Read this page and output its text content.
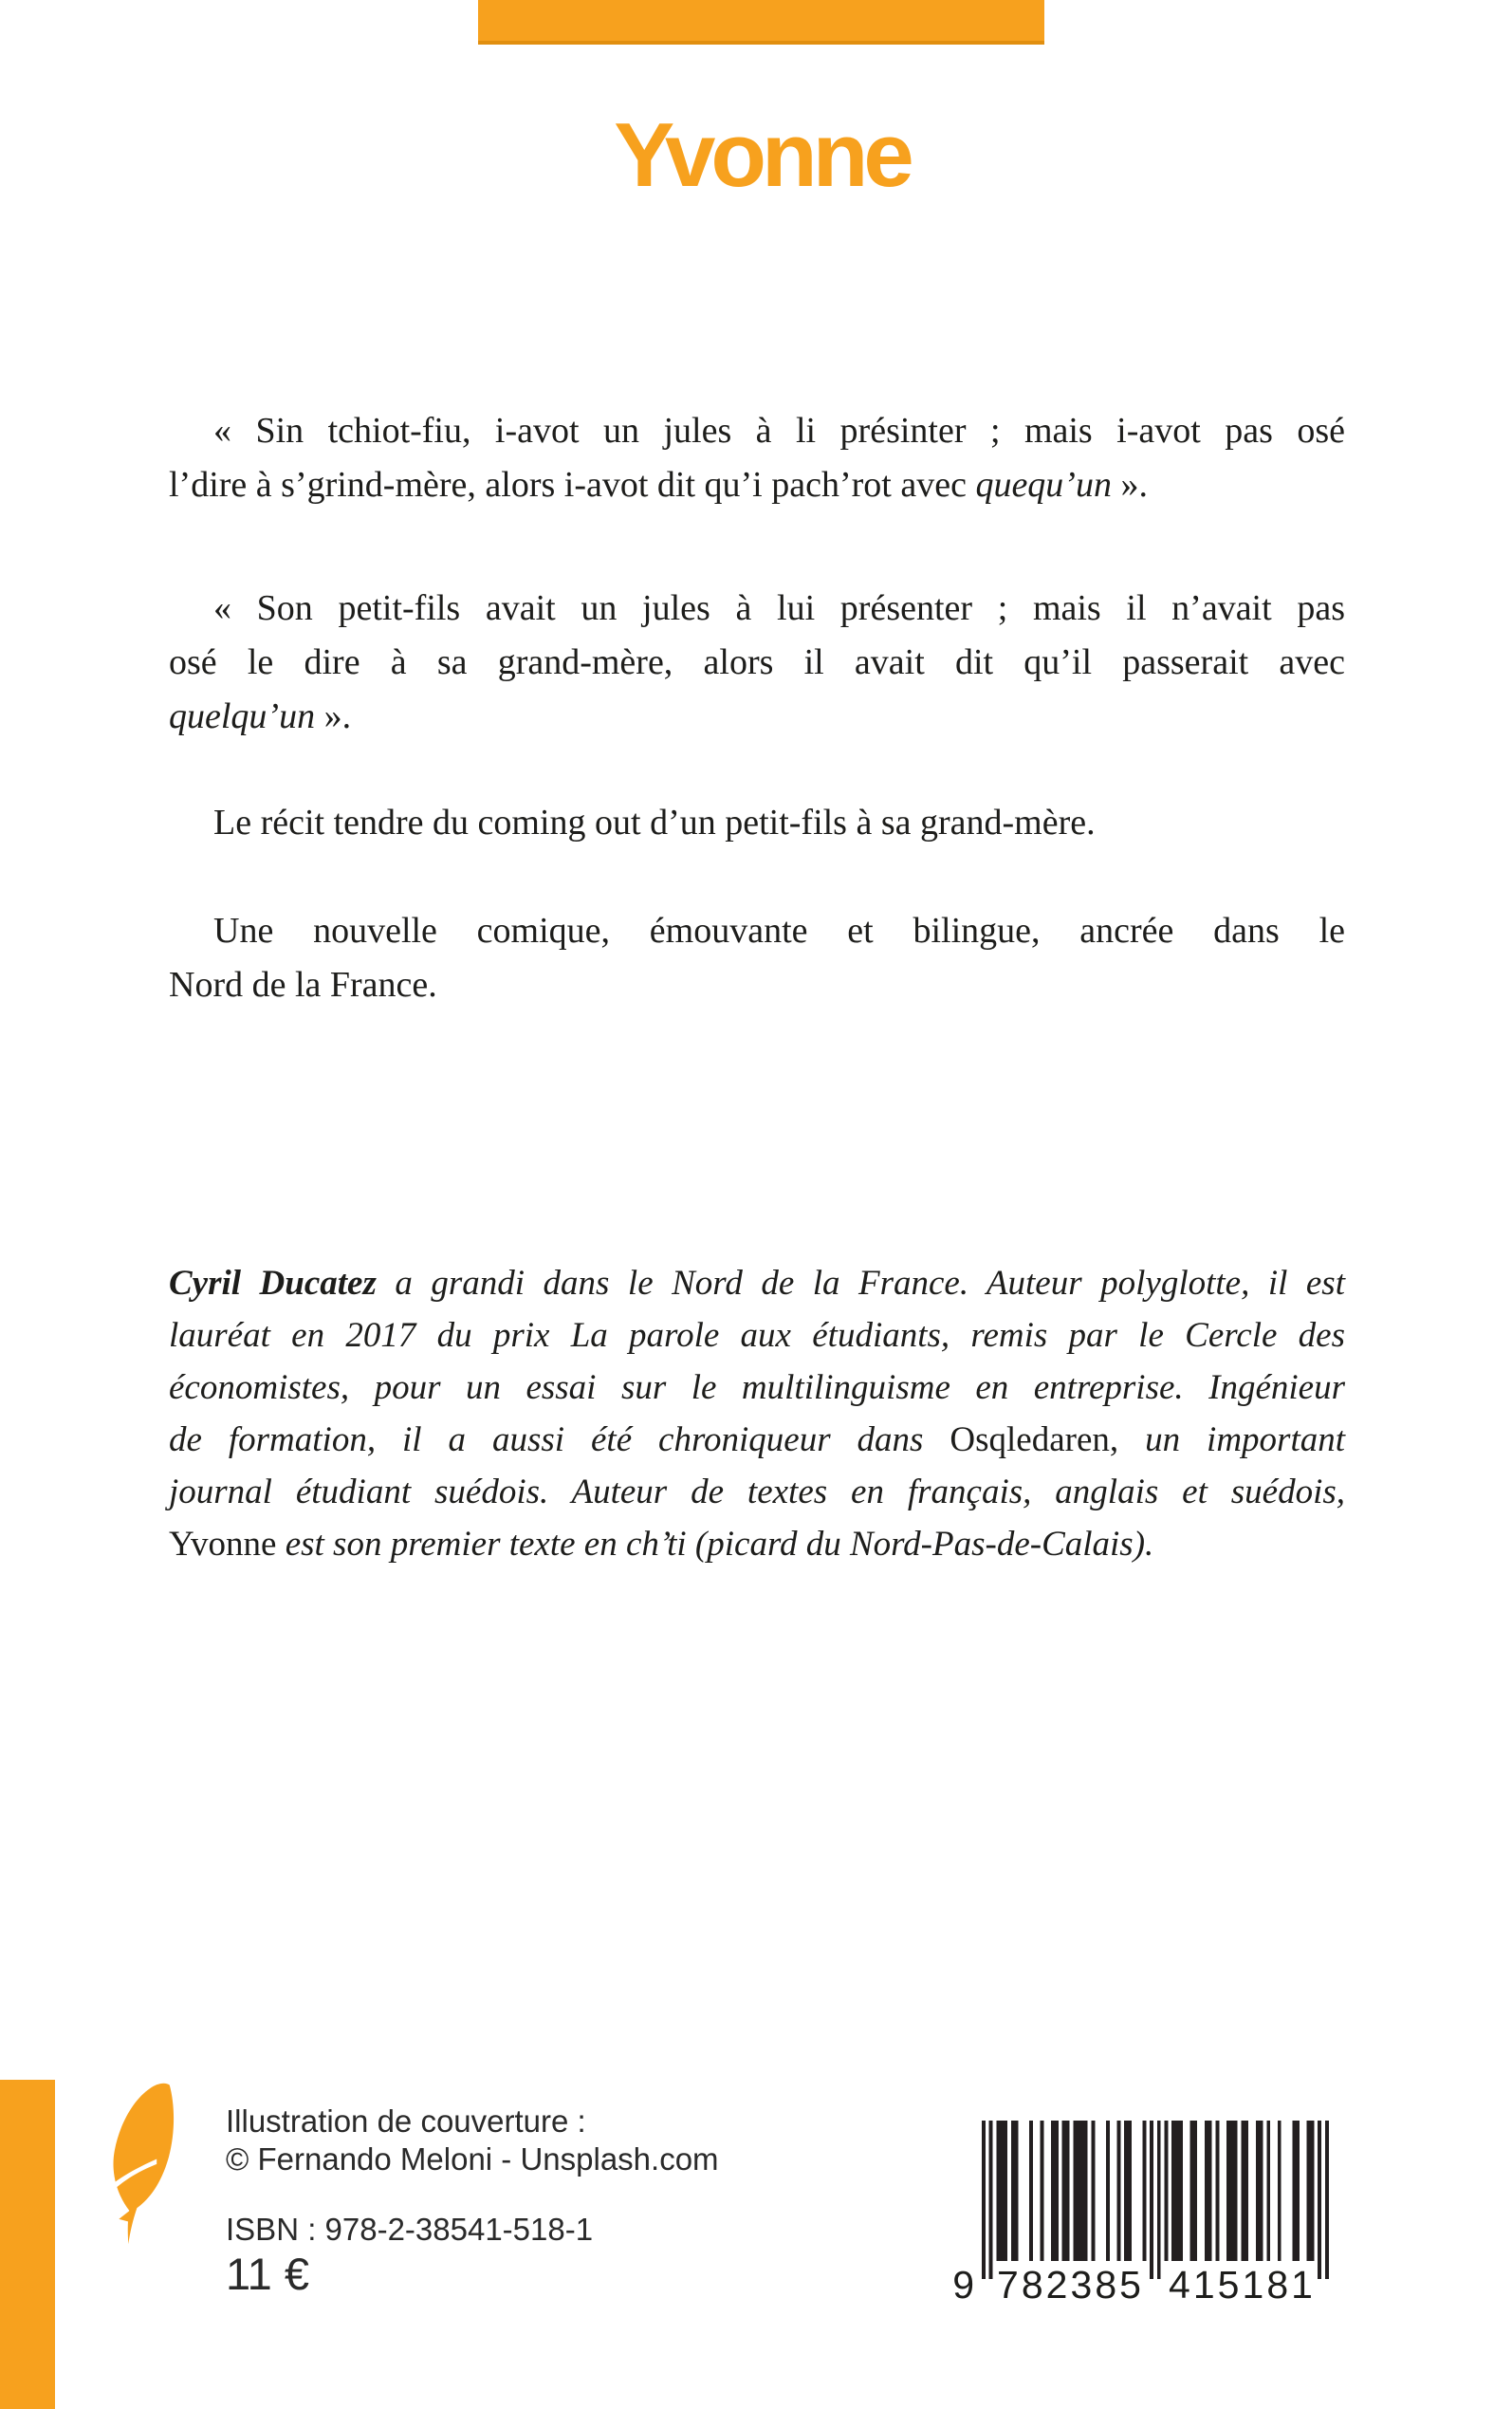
Yvonne
« Sin tchiot-fiu, i-avot un jules à li présinter ; mais i-avot pas osé
l’dire à s’grind-mère, alors i-avot dit qu’i pach’rot avec quequ’un ».
« Son petit-fils avait un jules à lui présenter ; mais il n’avait pas
osé le dire à sa grand-mère, alors il avait dit qu’il passerait avec
quelqu’un ».
Le récit tendre du coming out d’un petit-fils à sa grand-mère.
Une nouvelle comique, émouvante et bilingue, ancrée dans le
Nord de la France.
Cyril Ducatez a grandi dans le Nord de la France. Auteur polyglotte, il est
lauréat en 2017 du prix La parole aux étudiants, remis par le Cercle des
économistes, pour un essai sur le multilinguisme en entreprise. Ingénieur
de formation, il a aussi été chroniqueur dans Osqledaren, un important
journal étudiant suédois. Auteur de textes en français, anglais et suédois,
Yvonne est son premier texte en ch’ti (picard du Nord-Pas-de-Calais).
Illustration de couverture :
© Fernando Meloni - Unsplash.com
ISBN : 978-2-38541-518-1
11 €	9 7 8 2 3 8 5 4 1 5 1 8 1
